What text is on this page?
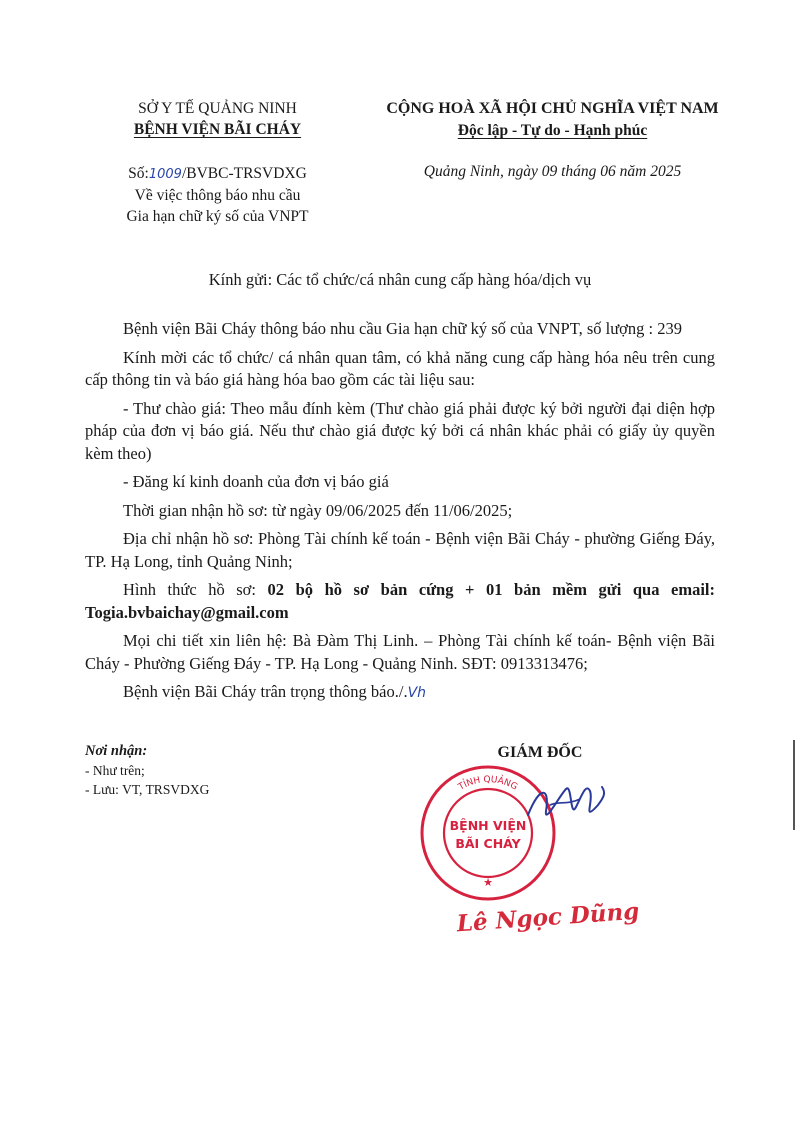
SỞ Y TẾ QUẢNG NINH
BỆNH VIỆN BÃI CHÁY
CỘNG HOÀ XÃ HỘI CHỦ NGHĨA VIỆT NAM
Độc lập - Tự do - Hạnh phúc
Số:1009/BVBC-TRSVDXG
Về việc thông báo nhu cầu
Gia hạn chữ ký số của VNPT
Quảng Ninh, ngày 09 tháng 06 năm 2025
Kính gửi: Các tổ chức/cá nhân cung cấp hàng hóa/dịch vụ

Bệnh viện Bãi Cháy thông báo nhu cầu Gia hạn chữ ký số của VNPT, số lượng : 239

Kính mời các tổ chức/ cá nhân quan tâm, có khả năng cung cấp hàng hóa nêu trên cung cấp thông tin và báo giá hàng hóa bao gồm các tài liệu sau:

- Thư chào giá: Theo mẫu đính kèm (Thư chào giá phải được ký bởi người đại diện hợp pháp của đơn vị báo giá. Nếu thư chào giá được ký bởi cá nhân khác phải có giấy ủy quyền kèm theo)

- Đăng kí kinh doanh của đơn vị báo giá

Thời gian nhận hồ sơ: từ ngày 09/06/2025 đến 11/06/2025;

Địa chỉ nhận hồ sơ: Phòng Tài chính kế toán - Bệnh viện Bãi Cháy - phường Giếng Đáy, TP. Hạ Long, tỉnh Quảng Ninh;

Hình thức hồ sơ: 02 bộ hồ sơ bản cứng + 01 bản mềm gửi qua email: Togia.bvbaichay@gmail.com

Mọi chi tiết xin liên hệ: Bà Đàm Thị Linh. – Phòng Tài chính kế toán- Bệnh viện Bãi Cháy - Phường Giếng Đáy - TP. Hạ Long - Quảng Ninh. SĐT: 0913313476;

Bệnh viện Bãi Cháy trân trọng thông báo./.Vh

Nơi nhận:
- Như trên;
- Lưu: VT, TRSVDXG
GIÁM ĐỐC
TỈNH QUẢNG
BỆNH VIỆN
BÃI CHÁY
★
Lê Ngọc Dũng
